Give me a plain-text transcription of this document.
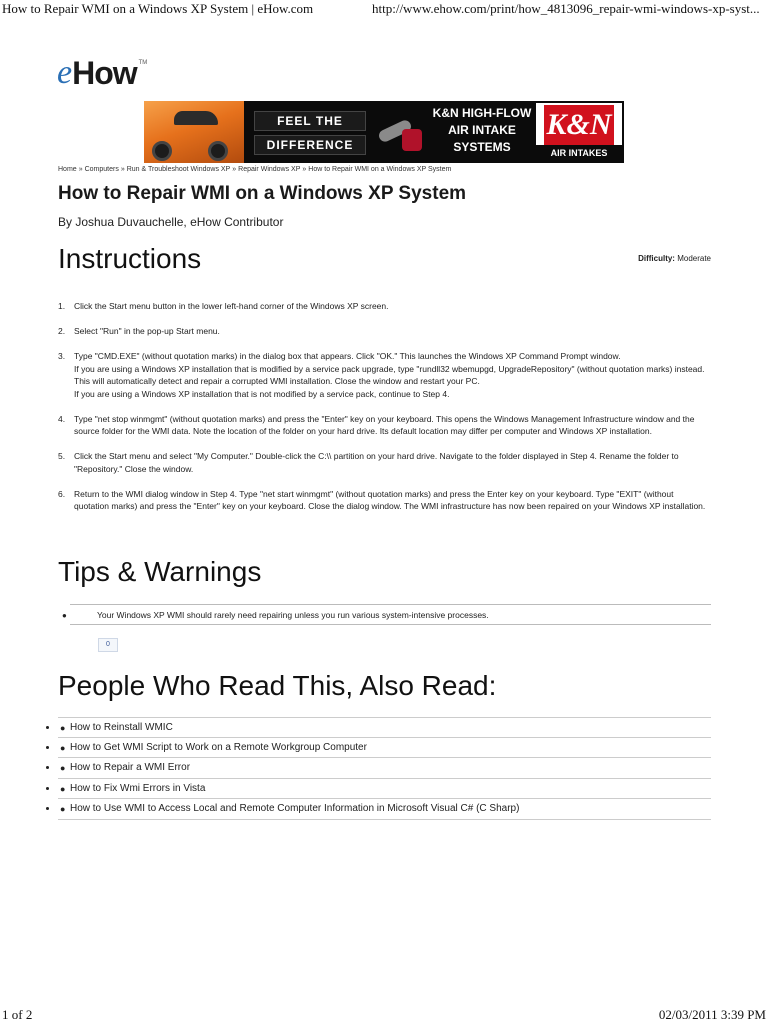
How to Repair WMI on a Windows XP System | eHow.com	http://www.ehow.com/print/how_4813096_repair-wmi-windows-xp-syst...
e How TM
FEEL THE
DIFFERENCE
K&N HIGH-FLOW
AIR INTAKE
SYSTEMS
K&N
AIR INTAKES
Home » Computers » Run & Troubleshoot Windows XP » Repair Windows XP » How to Repair WMI on a Windows XP System
How to Repair WMI on a Windows XP System
By Joshua Duvauchelle, eHow Contributor
Instructions	Difficulty: Moderate
1.	Click the Start menu button in the lower left-hand corner of the Windows XP screen.
2.	Select "Run" in the pop-up Start menu.
3.	Type "CMD.EXE" (without quotation marks) in the dialog box that appears. Click "OK." This launches the Windows XP Command Prompt window.
If you are using a Windows XP installation that is modified by a service pack upgrade, type "rundll32 wbemupgd, UpgradeRepository" (without quotation marks) instead. This will automatically detect and repair a corrupted WMI installation. Close the window and restart your PC.
If you are using a Windows XP installation that is not modified by a service pack, continue to Step 4.
4.	Type "net stop winmgmt" (without quotation marks) and press the "Enter" key on your keyboard. This opens the Windows Management Infrastructure window and the source folder for the WMI data. Note the location of the folder on your hard drive. Its default location may differ per computer and Windows XP installation.
5.	Click the Start menu and select "My Computer." Double-click the C:\\ partition on your hard drive. Navigate to the folder displayed in Step 4. Rename the folder to "Repository." Close the window.
6.	Return to the WMI dialog window in Step 4. Type "net start winmgmt" (without quotation marks) and press the Enter key on your keyboard. Type "EXIT" (without quotation marks) and press the "Enter" key on your keyboard. Close the dialog window. The WMI infrastructure has now been repaired on your Windows XP installation.
Tips & Warnings
●	Your Windows XP WMI should rarely need repairing unless you run various system-intensive processes.
0
People Who Read This, Also Read:
• ● How to Reinstall WMIC
• ● How to Get WMI Script to Work on a Remote Workgroup Computer
• ● How to Repair a WMI Error
• ● How to Fix Wmi Errors in Vista
• ● How to Use WMI to Access Local and Remote Computer Information in Microsoft Visual C# (C Sharp)
1 of 2	02/03/2011 3:39 PM
